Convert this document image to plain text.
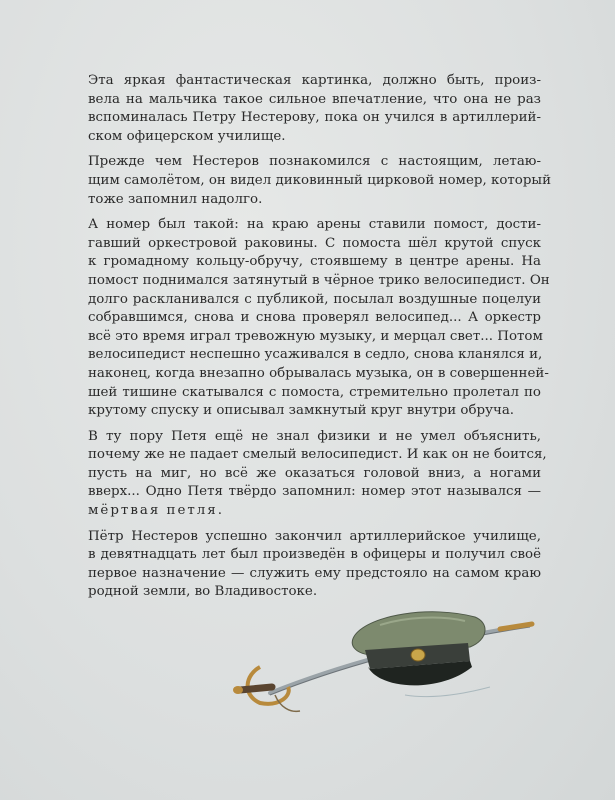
Эта яркая фантастическая картинка, должно быть, произ-
вела на мальчика такое сильное впечатление, что она не раз
вспоминалась Петру Нестерову, пока он учился в артиллерий-
ском офицерском училище.

Прежде чем Нестеров познакомился с настоящим, летаю-
щим самолётом, он видел диковинный цирковой номер, который
тоже запомнил надолго.

А номер был такой: на краю арены ставили помост, дости-
гавший оркестровой раковины. С помоста шёл крутой спуск
к громадному кольцу-обручу, стоявшему в центре арены. На
помост поднимался затянутый в чёрное трико велосипедист. Он
долго раскланивался с публикой, посылал воздушные поцелуи
собравшимся, снова и снова проверял велосипед... А оркестр
всё это время играл тревожную музыку, и мерцал свет... Потом
велосипедист неспешно усаживался в седло, снова кланялся и,
наконец, когда внезапно обрывалась музыка, он в совершенней-
шей тишине скатывался с помоста, стремительно пролетал по
крутому спуску и описывал замкнутый круг внутри обруча.

В ту пору Петя ещё не знал физики и не умел объяснить,
почему же не падает смелый велосипедист. И как он не боится,
пусть на миг, но всё же оказаться головой вниз, а ногами
вверх... Одно Петя твёрдо запомнил: номер этот назывался —
мёртвая петля.

Пётр Нестеров успешно закончил артиллерийское училище,
в девятнадцать лет был произведён в офицеры и получил своё
первое назначение — служить ему предстояло на самом краю
родной земли, во Владивостоке.
